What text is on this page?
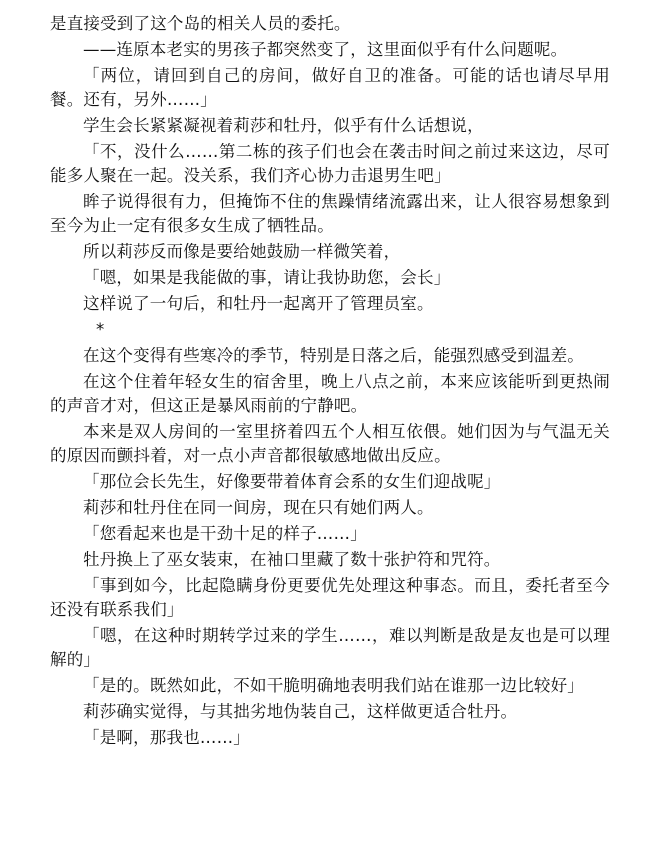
是直接受到了这个岛的相关人员的委托。

——连原本老实的男孩子都突然变了，这里面似乎有什么问题呢。

「两位，请回到自己的房间，做好自卫的准备。可能的话也请尽早用餐。还有，另外……」

学生会长紧紧凝视着莉莎和牡丹，似乎有什么话想说，

「不，没什么……第二栋的孩子们也会在袭击时间之前过来这边，尽可能多人聚在一起。没关系，我们齐心协力击退男生吧」

眸子说得很有力，但掩饰不住的焦躁情绪流露出来，让人很容易想象到至今为止一定有很多女生成了牺牲品。

所以莉莎反而像是要给她鼓励一样微笑着，

「嗯，如果是我能做的事，请让我协助您，会长」

这样说了一句后，和牡丹一起离开了管理员室。

*

在这个变得有些寒冷的季节，特别是日落之后，能强烈感受到温差。

在这个住着年轻女生的宿舍里，晚上八点之前，本来应该能听到更热闹的声音才对，但这正是暴风雨前的宁静吧。

本来是双人房间的一室里挤着四五个人相互依偎。她们因为与气温无关的原因而颤抖着，对一点小声音都很敏感地做出反应。

「那位会长先生，好像要带着体育会系的女生们迎战呢」

莉莎和牡丹住在同一间房，现在只有她们两人。

「您看起来也是干劲十足的样子……」

牡丹换上了巫女装束，在袖口里藏了数十张护符和咒符。

「事到如今，比起隐瞒身份更要优先处理这种事态。而且，委托者至今还没有联系我们」

「嗯，在这种时期转学过来的学生……，难以判断是敌是友也是可以理解的」

「是的。既然如此，不如干脆明确地表明我们站在谁那一边比较好」

莉莎确实觉得，与其拙劣地伪装自己，这样做更适合牡丹。

「是啊，那我也……」
